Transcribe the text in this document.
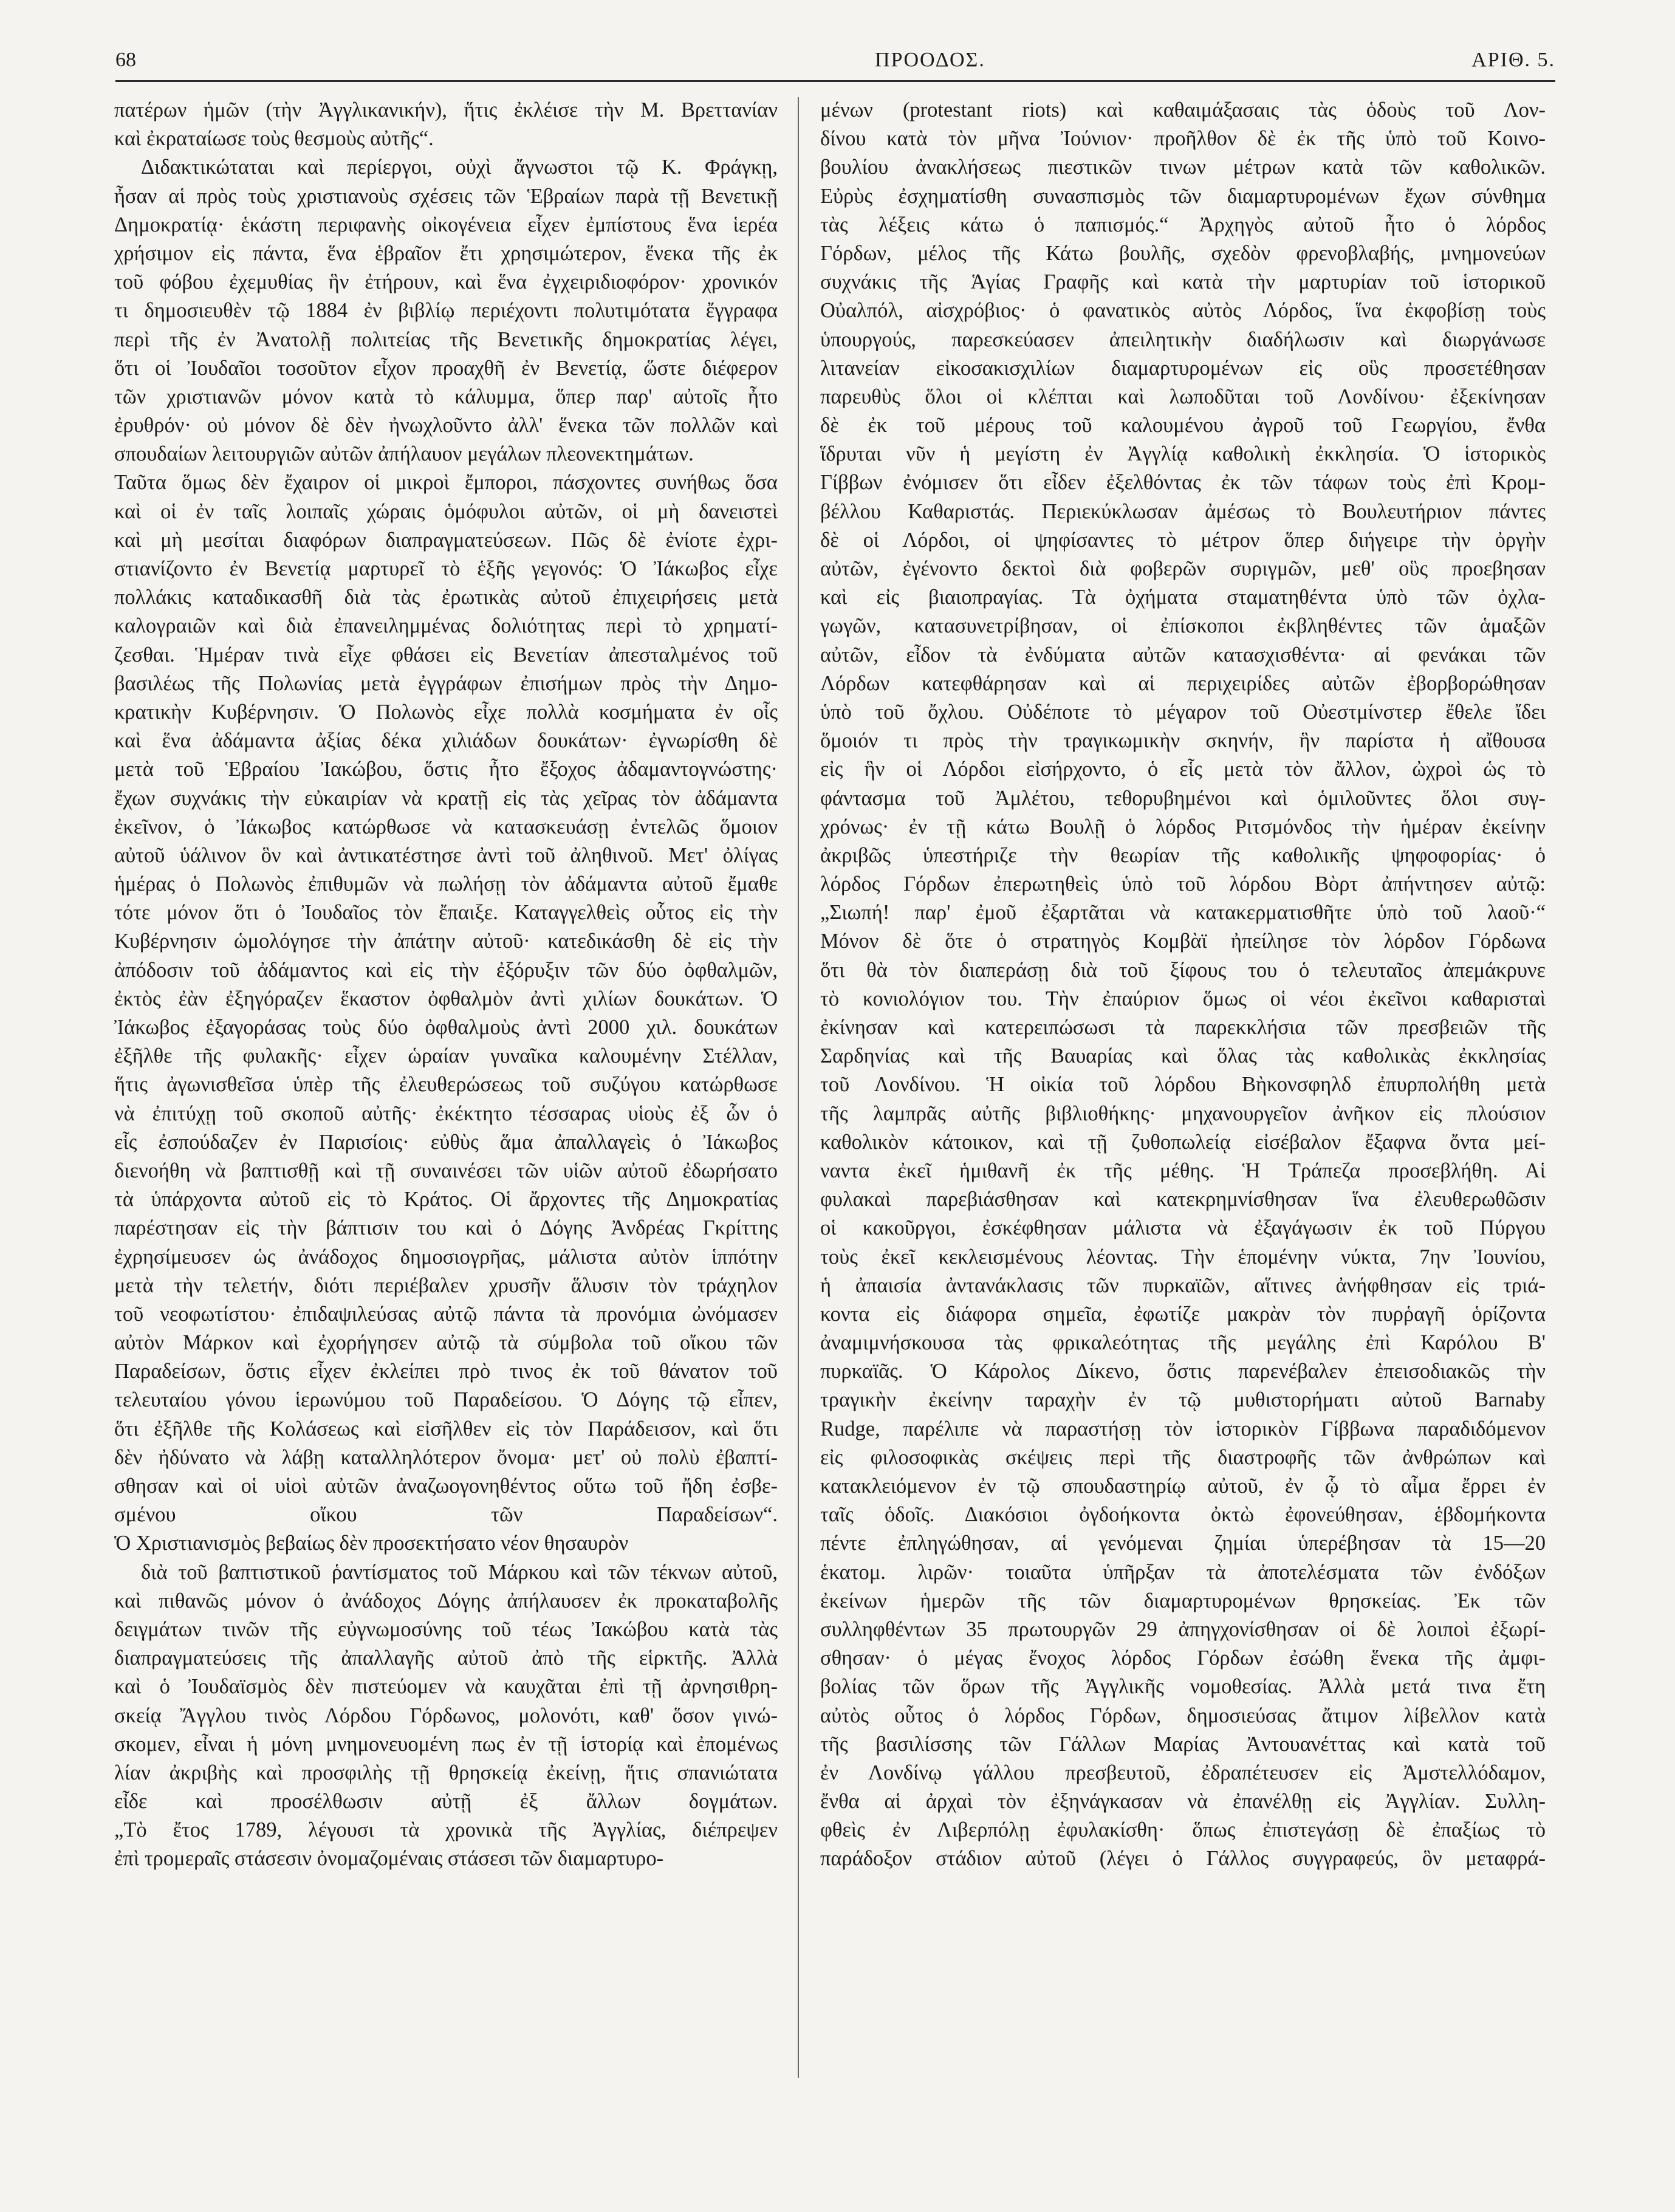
68	ΠΡΟΟΔΟΣ.	ΑΡΙΘ. 5.
πατέρων ἡμῶν (τὴν Ἀγγλικανικήν), ἥτις ἐκλέισε τὴν Μ. Βρεττανίαν
καὶ ἐκραταίωσε τοὺς θεσμοὺς αὐτῆς“.
Διδακτικώταται καὶ περίεργοι, οὐχὶ ἄγνωστοι τῷ Κ. Φράγκῃ,
ἦσαν αἱ πρὸς τοὺς χριστιανοὺς σχέσεις τῶν Ἑβραίων παρὰ τῇ Βενετικῇ
Δημοκρατίᾳ· ἑκάστη περιφανὴς οἰκογένεια εἶχεν ἐμπίστους ἕνα ἱερέα
χρήσιμον εἰς πάντα, ἕνα ἑβραῖον ἔτι χρησιμώτερον, ἕνεκα τῆς ἐκ
τοῦ φόβου ἐχεμυθίας ἣν ἐτήρουν, καὶ ἕνα ἐγχειριδιοφόρον· χρονικόν
τι δημοσιευθὲν τῷ 1884 ἐν βιβλίῳ περιέχοντι πολυτιμότατα ἔγγραφα
περὶ τῆς ἐν Ἀνατολῇ πολιτείας τῆς Βενετικῆς δημοκρατίας λέγει,
ὅτι οἱ Ἰουδαῖοι τοσοῦτον εἶχον προαχθῆ ἐν Βενετίᾳ, ὥστε διέφερον
τῶν χριστιανῶν μόνον κατὰ τὸ κάλυμμα, ὅπερ παρ' αὐτοῖς ἦτο
ἐρυθρόν· οὐ μόνον δὲ δὲν ἠνωχλοῦντο ἀλλ' ἕνεκα τῶν πολλῶν καὶ
σπουδαίων λειτουργιῶν αὐτῶν ἀπήλαυον μεγάλων πλεονεκτημάτων.
Ταῦτα ὅμως δὲν ἔχαιρον οἱ μικροὶ ἔμποροι, πάσχοντες συνήθως ὅσα
καὶ οἱ ἐν ταῖς λοιπαῖς χώραις ὁμόφυλοι αὐτῶν, οἱ μὴ δανειστεὶ
καὶ μὴ μεσίται διαφόρων διαπραγματεύσεων. Πῶς δὲ ἐνίοτε ἐχρι-
στιανίζοντο ἐν Βενετίᾳ μαρτυρεῖ τὸ ἑξῆς γεγονός: Ὁ Ἰάκωβος εἶχε
πολλάκις καταδικασθῆ διὰ τὰς ἐρωτικὰς αὐτοῦ ἐπιχειρήσεις μετὰ
καλογραιῶν καὶ διὰ ἐπανειλημμένας δολιότητας περὶ τὸ χρηματί-
ζεσθαι. Ἡμέραν τινὰ εἶχε φθάσει εἰς Βενετίαν ἀπεσταλμένος τοῦ
βασιλέως τῆς Πολωνίας μετὰ ἐγγράφων ἐπισήμων πρὸς τὴν Δημο-
κρατικὴν Κυβέρνησιν. Ὁ Πολωνὸς εἶχε πολλὰ κοσμήματα ἐν οἷς
καὶ ἕνα ἀδάμαντα ἀξίας δέκα χιλιάδων δουκάτων· ἐγνωρίσθη δὲ
μετὰ τοῦ Ἑβραίου Ἰακώβου, ὅστις ἦτο ἔξοχος ἀδαμαντογνώστης·
ἔχων συχνάκις τὴν εὐκαιρίαν νὰ κρατῇ εἰς τὰς χεῖρας τὸν ἀδάμαντα
ἐκεῖνον, ὁ Ἰάκωβος κατώρθωσε νὰ κατασκευάσῃ ἐντελῶς ὅμοιον
αὐτοῦ ὑάλινον ὃν καὶ ἀντικατέστησε ἀντὶ τοῦ ἀληθινοῦ. Μετ' ὀλίγας
ἡμέρας ὁ Πολωνὸς ἐπιθυμῶν νὰ πωλήσῃ τὸν ἀδάμαντα αὐτοῦ ἔμαθε
τότε μόνον ὅτι ὁ Ἰουδαῖος τὸν ἔπαιξε. Καταγγελθεὶς οὗτος εἰς τὴν
Κυβέρνησιν ὡμολόγησε τὴν ἀπάτην αὐτοῦ· κατεδικάσθη δὲ εἰς τὴν
ἀπόδοσιν τοῦ ἀδάμαντος καὶ εἰς τὴν ἐξόρυξιν τῶν δύο ὀφθαλμῶν,
ἐκτὸς ἐὰν ἐξηγόραζεν ἕκαστον ὀφθαλμὸν ἀντὶ χιλίων δουκάτων. Ὁ
Ἰάκωβος ἐξαγοράσας τοὺς δύο ὀφθαλμοὺς ἀντὶ 2000 χιλ. δουκάτων
ἐξῆλθε τῆς φυλακῆς· εἶχεν ὡραίαν γυναῖκα καλουμένην Στέλλαν,
ἥτις ἀγωνισθεῖσα ὑπὲρ τῆς ἐλευθερώσεως τοῦ συζύγου κατώρθωσε
νὰ ἐπιτύχῃ τοῦ σκοποῦ αὐτῆς· ἐκέκτητο τέσσαρας υἱοὺς ἐξ ὧν ὁ
εἷς ἐσπούδαζεν ἐν Παρισίοις· εὐθὺς ἅμα ἀπαλλαγεὶς ὁ Ἰάκωβος
διενοήθη νὰ βαπτισθῇ καὶ τῇ συναινέσει τῶν υἱῶν αὐτοῦ ἐδωρήσατο
τὰ ὑπάρχοντα αὐτοῦ εἰς τὸ Κράτος. Οἱ ἄρχοντες τῆς Δημοκρατίας
παρέστησαν εἰς τὴν βάπτισιν του καὶ ὁ Δόγης Ἀνδρέας Γκρίττης
ἐχρησίμευσεν ὡς ἀνάδοχος δημοσιογρῆας, μάλιστα αὐτὸν ἱππότην
μετὰ τὴν τελετήν, διότι περιέβαλεν χρυσῆν ἅλυσιν τὸν τράχηλον
τοῦ νεοφωτίστου· ἐπιδαψιλεύσας αὐτῷ πάντα τὰ προνόμια ὠνόμασεν
αὐτὸν Μάρκον καὶ ἐχορήγησεν αὐτῷ τὰ σύμβολα τοῦ οἴκου τῶν
Παραδείσων, ὅστις εἶχεν ἐκλείπει πρὸ τινος ἐκ τοῦ θάνατον τοῦ
τελευταίου γόνου ἱερωνύμου τοῦ Παραδείσου. Ὁ Δόγης τῷ εἶπεν,
ὅτι ἐξῆλθε τῆς Κολάσεως καὶ εἰσῆλθεν εἰς τὸν Παράδεισον, καὶ ὅτι
δὲν ἠδύνατο νὰ λάβῃ καταλληλότερον ὄνομα· μετ' οὐ πολὺ ἐβαπτί-
σθησαν καὶ οἱ υἱοὶ αὐτῶν ἀναζωογονηθέντος οὕτω τοῦ ἤδη ἐσβε-
σμένου οἴκου τῶν Παραδείσων“.
Ὁ Χριστιανισμὸς βεβαίως δὲν προσεκτήσατο νέον θησαυρὸν
διὰ τοῦ βαπτιστικοῦ ῥαντίσματος τοῦ Μάρκου καὶ τῶν τέκνων αὐτοῦ,
καὶ πιθανῶς μόνον ὁ ἀνάδοχος Δόγης ἀπήλαυσεν ἐκ προκαταβολῆς
δειγμάτων τινῶν τῆς εὐγνωμοσύνης τοῦ τέως Ἰακώβου κατὰ τὰς
διαπραγματεύσεις τῆς ἀπαλλαγῆς αὐτοῦ ἀπὸ τῆς εἱρκτῆς. Ἀλλὰ
καὶ ὁ Ἰουδαϊσμὸς δὲν πιστεύομεν νὰ καυχᾶται ἐπὶ τῇ ἀρνησιθρη-
σκείᾳ Ἄγγλου τινὸς Λόρδου Γόρδωνος, μολονότι, καθ' ὅσον γινώ-
σκομεν, εἶναι ἡ μόνη μνημονευομένη πως ἐν τῇ ἱστορίᾳ καὶ ἐπομένως
λίαν ἀκριβὴς καὶ προσφιλὴς τῇ θρησκείᾳ ἐκείνῃ, ἥτις σπανιώτατα
εἶδε καὶ προσέλθωσιν αὐτῇ ἐξ ἄλλων δογμάτων.
„Τὸ ἔτος 1789, λέγουσι τὰ χρονικὰ τῆς Ἀγγλίας, διέπρεψεν
ἐπὶ τρομεραῖς στάσεσιν ὀνομαζομέναις στάσεσι τῶν διαμαρτυρο-
μένων (protestant riots) καὶ καθαιμάξασαις τὰς ὁδοὺς τοῦ Λον-
δίνου κατὰ τὸν μῆνα Ἰούνιον· προῆλθον δὲ ἐκ τῆς ὑπὸ τοῦ Κοινο-
βουλίου ἀνακλήσεως πιεστικῶν τινων μέτρων κατὰ τῶν καθολικῶν.
Εὐρὺς ἐσχηματίσθη συνασπισμὸς τῶν διαμαρτυρομένων ἔχων σύνθημα
τὰς λέξεις κάτω ὁ παπισμός.“ Ἀρχηγὸς αὐτοῦ ἦτο ὁ λόρδος
Γόρδων, μέλος τῆς Κάτω βουλῆς, σχεδὸν φρενοβλαβής, μνημονεύων
συχνάκις τῆς Ἁγίας Γραφῆς καὶ κατὰ τὴν μαρτυρίαν τοῦ ἱστορικοῦ
Οὐαλπόλ, αἰσχρόβιος· ὁ φανατικὸς αὐτὸς Λόρδος, ἵνα ἐκφοβίσῃ τοὺς
ὑπουργούς, παρεσκεύασεν ἀπειλητικὴν διαδήλωσιν καὶ διωργάνωσε
λιτανείαν εἰκοσακισχιλίων διαμαρτυρομένων εἰς οὓς προσετέθησαν
παρευθὺς ὅλοι οἱ κλέπται καὶ λωποδῦται τοῦ Λονδίνου· ἐξεκίνησαν
δὲ ἐκ τοῦ μέρους τοῦ καλουμένου ἀγροῦ τοῦ Γεωργίου, ἔνθα
ἵδρυται νῦν ἡ μεγίστη ἐν Ἀγγλίᾳ καθολικὴ ἐκκλησία. Ὁ ἱστορικὸς
Γίββων ἐνόμισεν ὅτι εἶδεν ἐξελθόντας ἐκ τῶν τάφων τοὺς ἐπὶ Κρομ-
βέλλου Καθαριστάς. Περιεκύκλωσαν ἀμέσως τὸ Βουλευτήριον πάντες
δὲ οἱ Λόρδοι, οἱ ψηφίσαντες τὸ μέτρον ὅπερ διήγειρε τὴν ὀργὴν
αὐτῶν, ἐγένοντο δεκτοὶ διὰ φοβερῶν συριγμῶν, μεθ' οὓς προεβησαν
καὶ εἰς βιαιοπραγίας. Τὰ ὀχήματα σταματηθέντα ὑπὸ τῶν ὀχλα-
γωγῶν, κατασυνετρίβησαν, οἱ ἐπίσκοποι ἐκβληθέντες τῶν ἁμαξῶν
αὐτῶν, εἶδον τὰ ἐνδύματα αὐτῶν κατασχισθέντα· αἱ φενάκαι τῶν
Λόρδων κατεφθάρησαν καὶ αἱ περιχειρίδες αὐτῶν ἐβορβορώθησαν
ὑπὸ τοῦ ὄχλου. Οὐδέποτε τὸ μέγαρον τοῦ Οὐεστμίνστερ ἔθελε ἴδει
ὅμοιόν τι πρὸς τὴν τραγικωμικὴν σκηνήν, ἣν παρίστα ἡ αἴθουσα
εἰς ἣν οἱ Λόρδοι εἰσήρχοντο, ὁ εἷς μετὰ τὸν ἄλλον, ὠχροὶ ὡς τὸ
φάντασμα τοῦ Ἀμλέτου, τεθορυβημένοι καὶ ὁμιλοῦντες ὅλοι συγ-
χρόνως· ἐν τῇ κάτω Βουλῇ ὁ λόρδος Ριτσμόνδος τὴν ἡμέραν ἐκείνην
ἀκριβῶς ὑπεστήριζε τὴν θεωρίαν τῆς καθολικῆς ψηφοφορίας· ὁ
λόρδος Γόρδων ἐπερωτηθεὶς ὑπὸ τοῦ λόρδου Βὸρτ ἀπήντησεν αὐτῷ:
„Σιωπή! παρ' ἐμοῦ ἐξαρτᾶται νὰ κατακερματισθῆτε ὑπὸ τοῦ λαοῦ·“
Μόνον δὲ ὅτε ὁ στρατηγὸς Κομβὰϊ ἠπείλησε τὸν λόρδον Γόρδωνα
ὅτι θὰ τὸν διαπεράσῃ διὰ τοῦ ξίφους του ὁ τελευταῖος ἀπεμάκρυνε
τὸ κονιολόγιον του. Τὴν ἐπαύριον ὅμως οἱ νέοι ἐκεῖνοι καθαρισταὶ
ἐκίνησαν καὶ κατερειπώσωσι τὰ παρεκκλήσια τῶν πρεσβειῶν τῆς
Σαρδηνίας καὶ τῆς Βαυαρίας καὶ ὅλας τὰς καθολικὰς ἐκκλησίας
τοῦ Λονδίνου. Ἡ οἰκία τοῦ λόρδου Βὴκονσφηλδ ἐπυρπολήθη μετὰ
τῆς λαμπρᾶς αὐτῆς βιβλιοθήκης· μηχανουργεῖον ἀνῆκον εἰς πλούσιον
καθολικὸν κάτοικον, καὶ τῇ ζυθοπωλείᾳ εἰσέβαλον ἔξαφνα ὄντα μεί-
ναντα ἐκεῖ ἡμιθανῆ ἐκ τῆς μέθης. Ἡ Τράπεζα προσεβλήθη. Αἱ
φυλακαὶ παρεβιάσθησαν καὶ κατεκρημνίσθησαν ἵνα ἐλευθερωθῶσιν
οἱ κακοῦργοι, ἐσκέφθησαν μάλιστα νὰ ἐξαγάγωσιν ἐκ τοῦ Πύργου
τοὺς ἐκεῖ κεκλεισμένους λέοντας. Τὴν ἑπομένην νύκτα, 7ην Ἰουνίου,
ἡ ἀπαισία ἀντανάκλασις τῶν πυρκαϊῶν, αἵτινες ἀνήφθησαν εἰς τριά-
κοντα εἰς διάφορα σημεῖα, ἐφωτίζε μακρὰν τὸν πυρῥαγῆ ὁρίζοντα
ἀναμιμνήσκουσα τὰς φρικαλεότητας τῆς μεγάλης ἐπὶ Καρόλου Β'
πυρκαϊᾶς. Ὁ Κάρολος Δίκενο, ὅστις παρενέβαλεν ἐπεισοδιακῶς τὴν
τραγικὴν ἐκείνην ταραχὴν ἐν τῷ μυθιστορήματι αὐτοῦ Barnaby
Rudge, παρέλιπε νὰ παραστήσῃ τὸν ἱστορικὸν Γίββωνα παραδιδόμενον
εἰς φιλοσοφικὰς σκέψεις περὶ τῆς διαστροφῆς τῶν ἀνθρώπων καὶ
κατακλειόμενον ἐν τῷ σπουδαστηρίῳ αὐτοῦ, ἐν ᾧ τὸ αἷμα ἔρρει ἐν
ταῖς ὁδοῖς. Διακόσιοι ὀγδοήκοντα ὀκτὼ ἐφονεύθησαν, ἑβδομήκοντα
πέντε ἐπληγώθησαν, αἱ γενόμεναι ζημίαι ὑπερέβησαν τὰ 15—20
ἑκατομ. λιρῶν· τοιαῦτα ὑπῆρξαν τὰ ἀποτελέσματα τῶν ἐνδόξων
ἐκείνων ἡμερῶν τῆς τῶν διαμαρτυρομένων θρησκείας. Ἐκ τῶν
συλληφθέντων 35 πρωτουργῶν 29 ἀπηγχονίσθησαν οἱ δὲ λοιποὶ ἐξωρί-
σθησαν· ὁ μέγας ἔνοχος λόρδος Γόρδων ἐσώθη ἕνεκα τῆς ἀμφι-
βολίας τῶν ὅρων τῆς Ἀγγλικῆς νομοθεσίας. Ἀλλὰ μετά τινα ἔτη
αὐτὸς οὗτος ὁ λόρδος Γόρδων, δημοσιεύσας ἄτιμον λίβελλον κατὰ
τῆς βασιλίσσης τῶν Γάλλων Μαρίας Ἀντουανέττας καὶ κατὰ τοῦ
ἐν Λονδίνῳ γάλλου πρεσβευτοῦ, ἐδραπέτευσεν εἰς Ἀμστελλόδαμον,
ἔνθα αἱ ἀρχαὶ τὸν ἐξηνάγκασαν νὰ ἐπανέλθῃ εἰς Ἀγγλίαν. Συλλη-
φθεὶς ἐν Λιβερπόλῃ ἐφυλακίσθη· ὅπως ἐπιστεγάσῃ δὲ ἐπαξίως τὸ
παράδοξον στάδιον αὐτοῦ (λέγει ὁ Γάλλος συγγραφεύς, ὃν μεταφρά-
